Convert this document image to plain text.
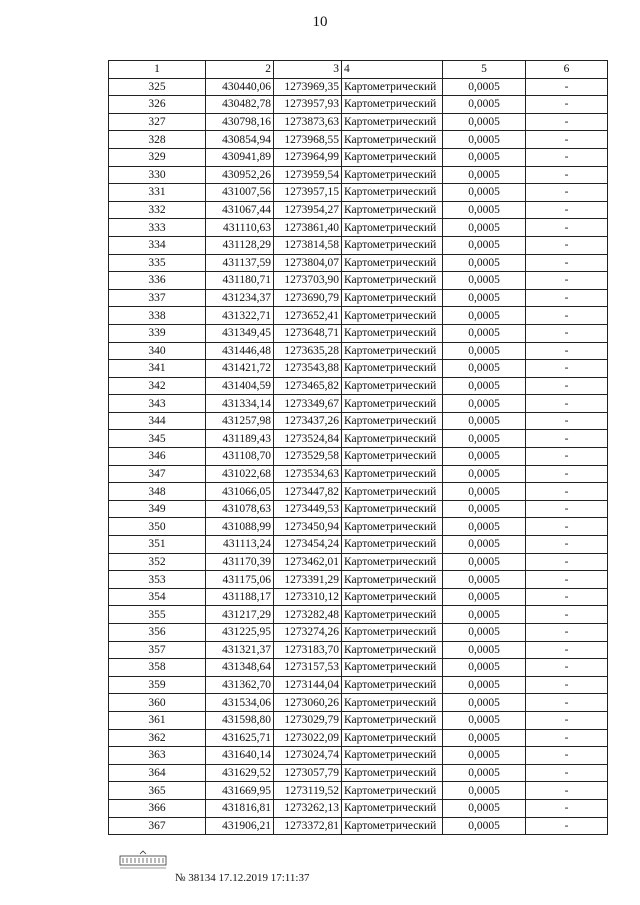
10
1	2	3	4	5	6
325	430440,06	1273969,35	Картометрический	0,0005	-
326	430482,78	1273957,93	Картометрический	0,0005	-
327	430798,16	1273873,63	Картометрический	0,0005	-
328	430854,94	1273968,55	Картометрический	0,0005	-
329	430941,89	1273964,99	Картометрический	0,0005	-
330	430952,26	1273959,54	Картометрический	0,0005	-
331	431007,56	1273957,15	Картометрический	0,0005	-
332	431067,44	1273954,27	Картометрический	0,0005	-
333	431110,63	1273861,40	Картометрический	0,0005	-
334	431128,29	1273814,58	Картометрический	0,0005	-
335	431137,59	1273804,07	Картометрический	0,0005	-
336	431180,71	1273703,90	Картометрический	0,0005	-
337	431234,37	1273690,79	Картометрический	0,0005	-
338	431322,71	1273652,41	Картометрический	0,0005	-
339	431349,45	1273648,71	Картометрический	0,0005	-
340	431446,48	1273635,28	Картометрический	0,0005	-
341	431421,72	1273543,88	Картометрический	0,0005	-
342	431404,59	1273465,82	Картометрический	0,0005	-
343	431334,14	1273349,67	Картометрический	0,0005	-
344	431257,98	1273437,26	Картометрический	0,0005	-
345	431189,43	1273524,84	Картометрический	0,0005	-
346	431108,70	1273529,58	Картометрический	0,0005	-
347	431022,68	1273534,63	Картометрический	0,0005	-
348	431066,05	1273447,82	Картометрический	0,0005	-
349	431078,63	1273449,53	Картометрический	0,0005	-
350	431088,99	1273450,94	Картометрический	0,0005	-
351	431113,24	1273454,24	Картометрический	0,0005	-
352	431170,39	1273462,01	Картометрический	0,0005	-
353	431175,06	1273391,29	Картометрический	0,0005	-
354	431188,17	1273310,12	Картометрический	0,0005	-
355	431217,29	1273282,48	Картометрический	0,0005	-
356	431225,95	1273274,26	Картометрический	0,0005	-
357	431321,37	1273183,70	Картометрический	0,0005	-
358	431348,64	1273157,53	Картометрический	0,0005	-
359	431362,70	1273144,04	Картометрический	0,0005	-
360	431534,06	1273060,26	Картометрический	0,0005	-
361	431598,80	1273029,79	Картометрический	0,0005	-
362	431625,71	1273022,09	Картометрический	0,0005	-
363	431640,14	1273024,74	Картометрический	0,0005	-
364	431629,52	1273057,79	Картометрический	0,0005	-
365	431669,95	1273119,52	Картометрический	0,0005	-
366	431816,81	1273262,13	Картометрический	0,0005	-
367	431906,21	1273372,81	Картометрический	0,0005	-
№ 38134 17.12.2019 17:11:37
